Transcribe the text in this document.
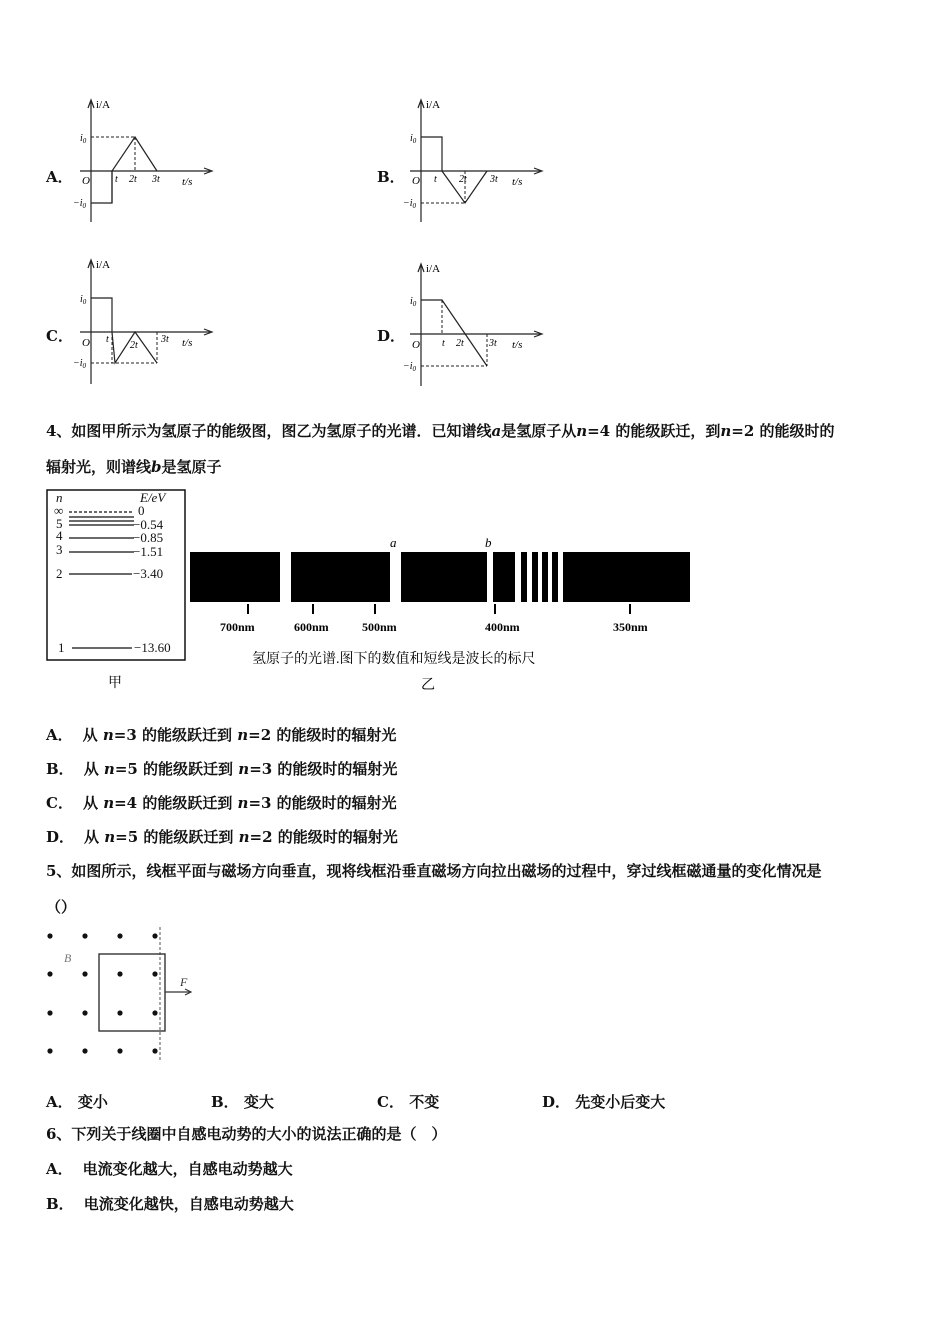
A．
i/A
t/s
$i_0$
$-i_0$
O	t 2t 3t	B．
i/A
t/s
$i_0$
$-i_0$
O t 2t 3t
C．
i/A
t/s
$i_0$
$-i_0$
O t
2t
3t	D．
i/A
t/s
$i_0$
$-i_0$
O t 2t	3t
4、如图甲所示为氢原子的能级图，图乙为氢原子的光谱．已知谱线a是氢原子从n=4 的能级跃迁，到n=2 的能级时的
辐射光，则谱线b是氢原子
n	E/eV
∞	0
5	−0.54
4	−0.85
3	−1.51
2	−3.40
1	−13.60
甲
a	b
700nm	600nm	500nm	400nm	350nm
氢原子的光谱.图下的数值和短线是波长的标尺
乙
A． 从 n=3 的能级跃迁到 n=2 的能级时的辐射光
B． 从 n=5 的能级跃迁到 n=3 的能级时的辐射光
C． 从 n=4 的能级跃迁到 n=3 的能级时的辐射光
D． 从 n=5 的能级跃迁到 n=2 的能级时的辐射光
5、如图所示，线框平面与磁场方向垂直，现将线框沿垂直磁场方向拉出磁场的过程中，穿过线框磁通量的变化情况是
（）
B
F
A． 变小	B． 变大	C． 不变	D． 先变小后变大
6、下列关于线圈中自感电动势的大小的说法正确的是（　）
A． 电流变化越大，自感电动势越大
B． 电流变化越快，自感电动势越大
